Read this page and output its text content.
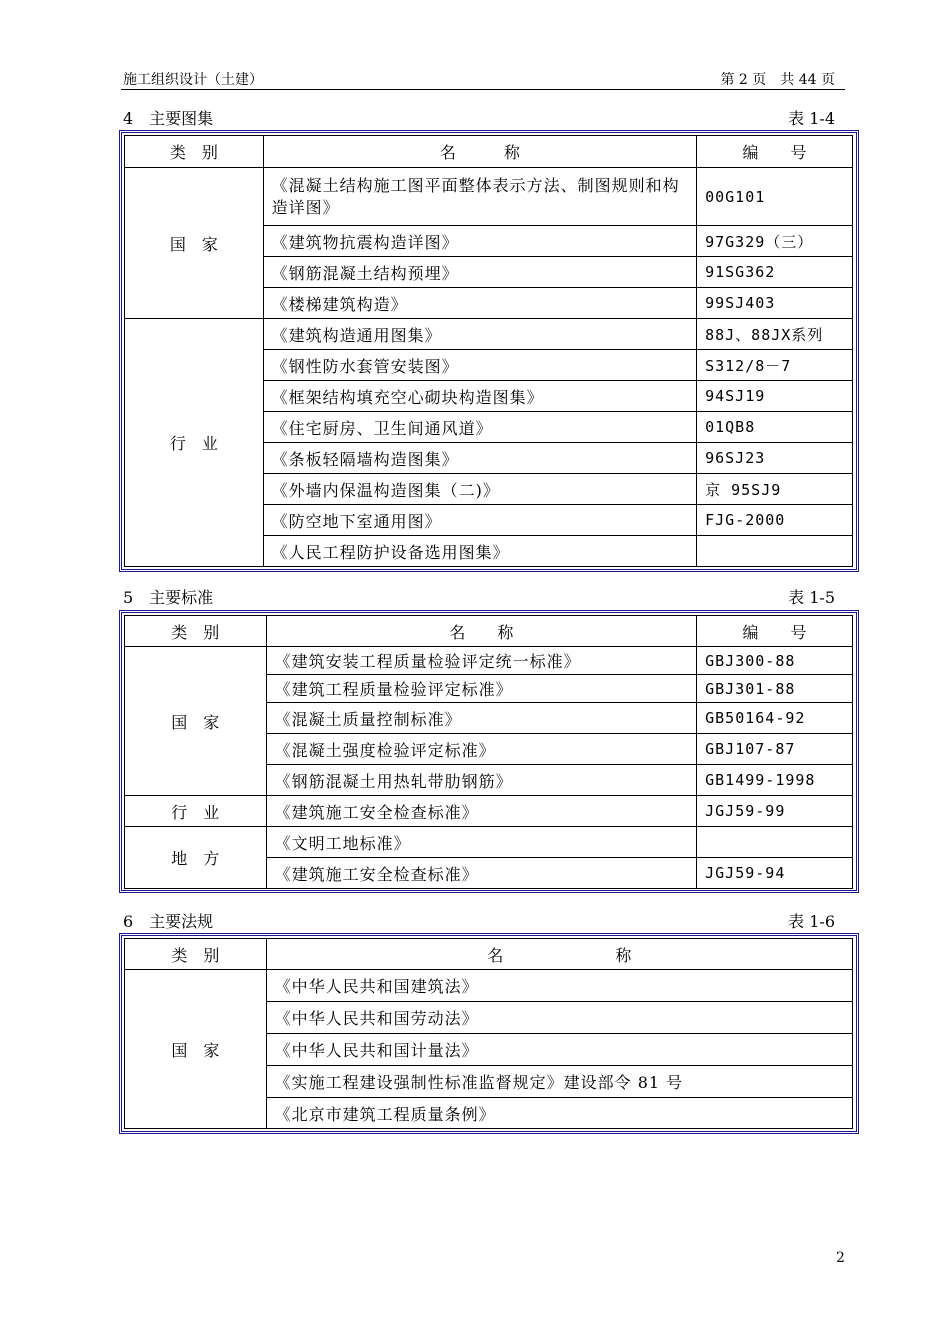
施工组织设计（土建）	第 2 页　共 44 页
4　主要图集	表 1-4
类　别	名　　　称	编　　号
国　家	《混凝土结构施工图平面整体表示方法、制图规则和构造详图》	00G101
	《建筑物抗震构造详图》	97G329（三）
	《钢筋混凝土结构预埋》	91SG362
	《楼梯建筑构造》	99SJ403
行　业	《建筑构造通用图集》	88J、88JX系列
	《钢性防水套管安装图》	S312/8－7
	《框架结构填充空心砌块构造图集》	94SJ19
	《住宅厨房、卫生间通风道》	01QB8
	《条板轻隔墙构造图集》	96SJ23
	《外墙内保温构造图集（二)》	京 95SJ9
	《防空地下室通用图》	FJG-2000
	《人民工程防护设备选用图集》	
5　主要标准	表 1-5
类　别	名　　称	编　　号
国　家	《建筑安装工程质量检验评定统一标准》	GBJ300-88
	《建筑工程质量检验评定标准》	GBJ301-88
	《混凝土质量控制标准》	GB50164-92
	《混凝土强度检验评定标准》	GBJ107-87
	《钢筋混凝土用热轧带肋钢筋》	GB1499-1998
行　业	《建筑施工安全检查标准》	JGJ59-99
地　方	《文明工地标准》	
	《建筑施工安全检查标准》	JGJ59-94
6　主要法规	表 1-6
类　别	名　　　　　　　称
国　家	《中华人民共和国建筑法》
	《中华人民共和国劳动法》
	《中华人民共和国计量法》
	《实施工程建设强制性标准监督规定》建设部令 81 号
	《北京市建筑工程质量条例》
2
